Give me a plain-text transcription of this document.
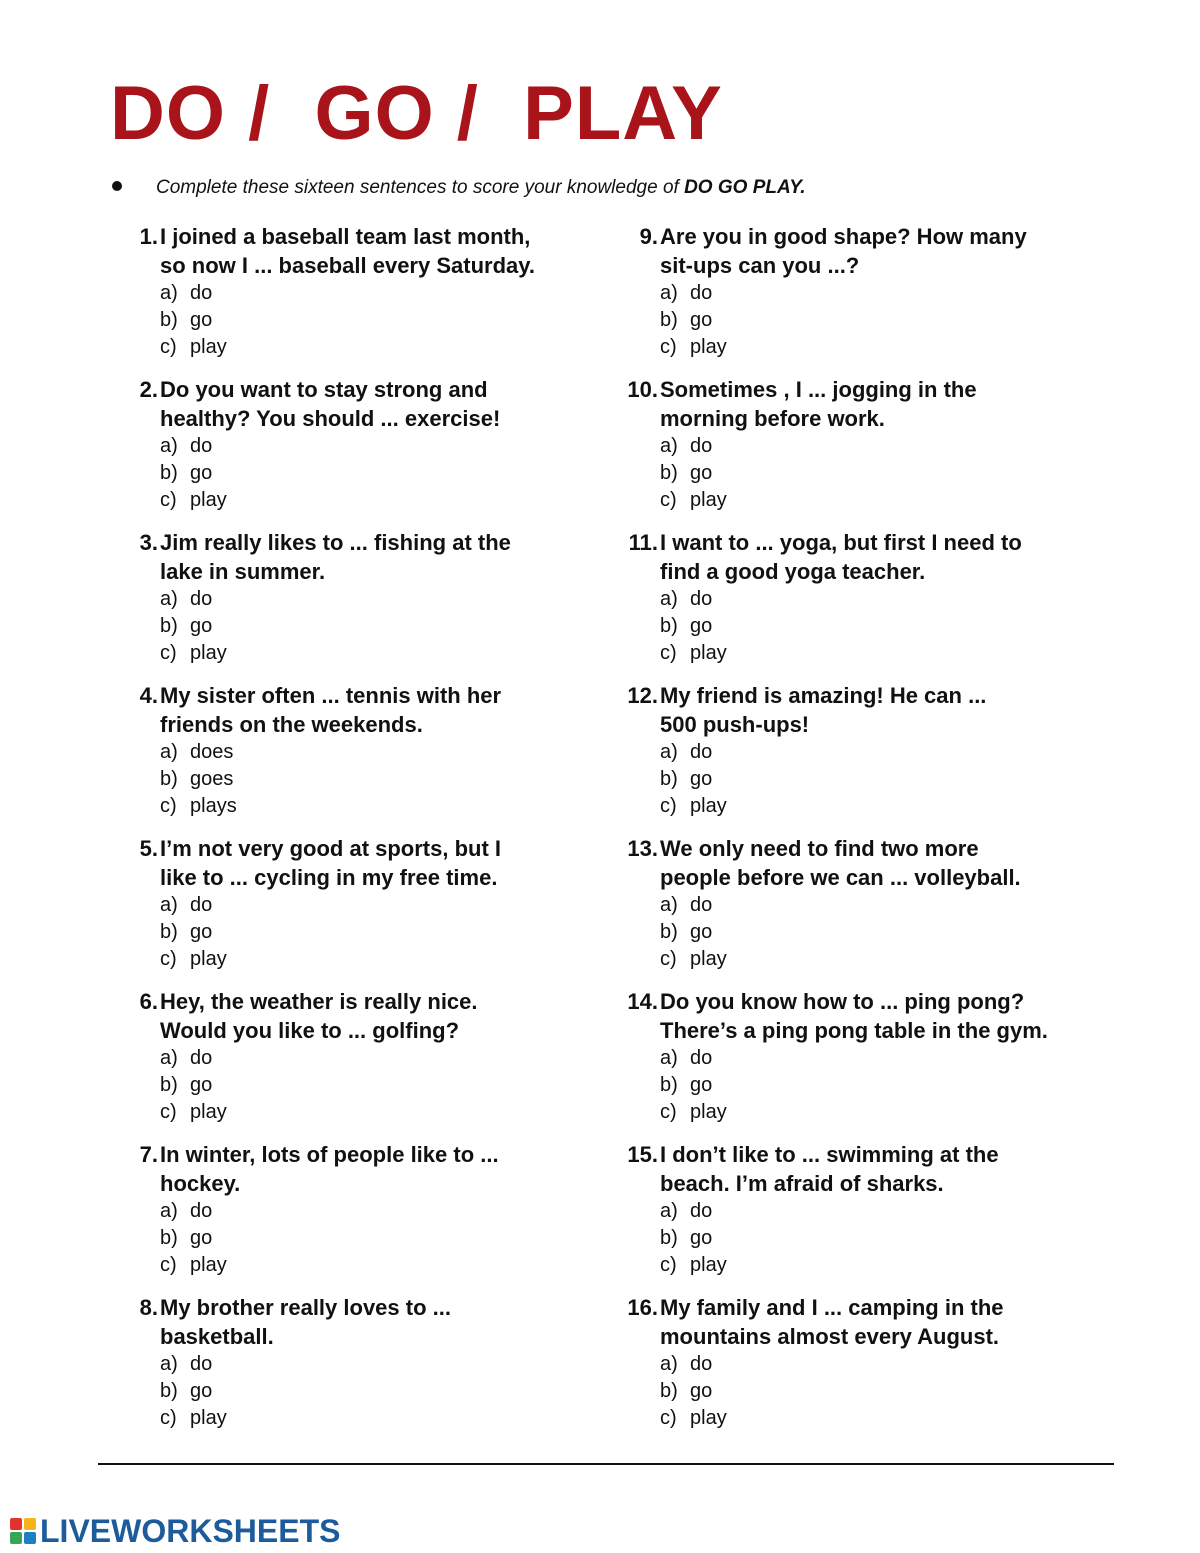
DO /  GO /  PLAY
Complete these sixteen sentences to score your knowledge of DO GO PLAY.
1. I joined a baseball team last month,
so now I ... baseball every Saturday.
a) do
b) go
c) play
2. Do you want to stay strong and
healthy? You should ... exercise!
a) do
b) go
c) play
3. Jim really likes to ... fishing at the
lake in summer.
a) do
b) go
c) play
4. My sister often ... tennis with her
friends on the weekends.
a) does
b) goes
c) plays
5. I’m not very good at sports, but I
like to ... cycling in my free time.
a) do
b) go
c) play
6. Hey, the weather is really nice.
Would you like to ... golfing?
a) do
b) go
c) play
7. In winter, lots of people like to ...
hockey.
a) do
b) go
c) play
8. My brother really loves to ...
basketball.
a) do
b) go
c) play
9. Are you in good shape? How many
sit-ups can you ...?
a) do
b) go
c) play
10. Sometimes , I ... jogging in the
morning before work.
a) do
b) go
c) play
11. I want to ... yoga, but first I need to
find a good yoga teacher.
a) do
b) go
c) play
12. My friend is amazing! He can ...
500 push-ups!
a) do
b) go
c) play
13. We only need to find two more
people before we can ... volleyball.
a) do
b) go
c) play
14. Do you know how to ... ping pong?
There’s a ping pong table in the gym.
a) do
b) go
c) play
15. I don’t like to ... swimming at the
beach. I’m afraid of sharks.
a) do
b) go
c) play
16. My family and I ... camping in the
mountains almost every August.
a) do
b) go
c) play
LIVEWORKSHEETS
